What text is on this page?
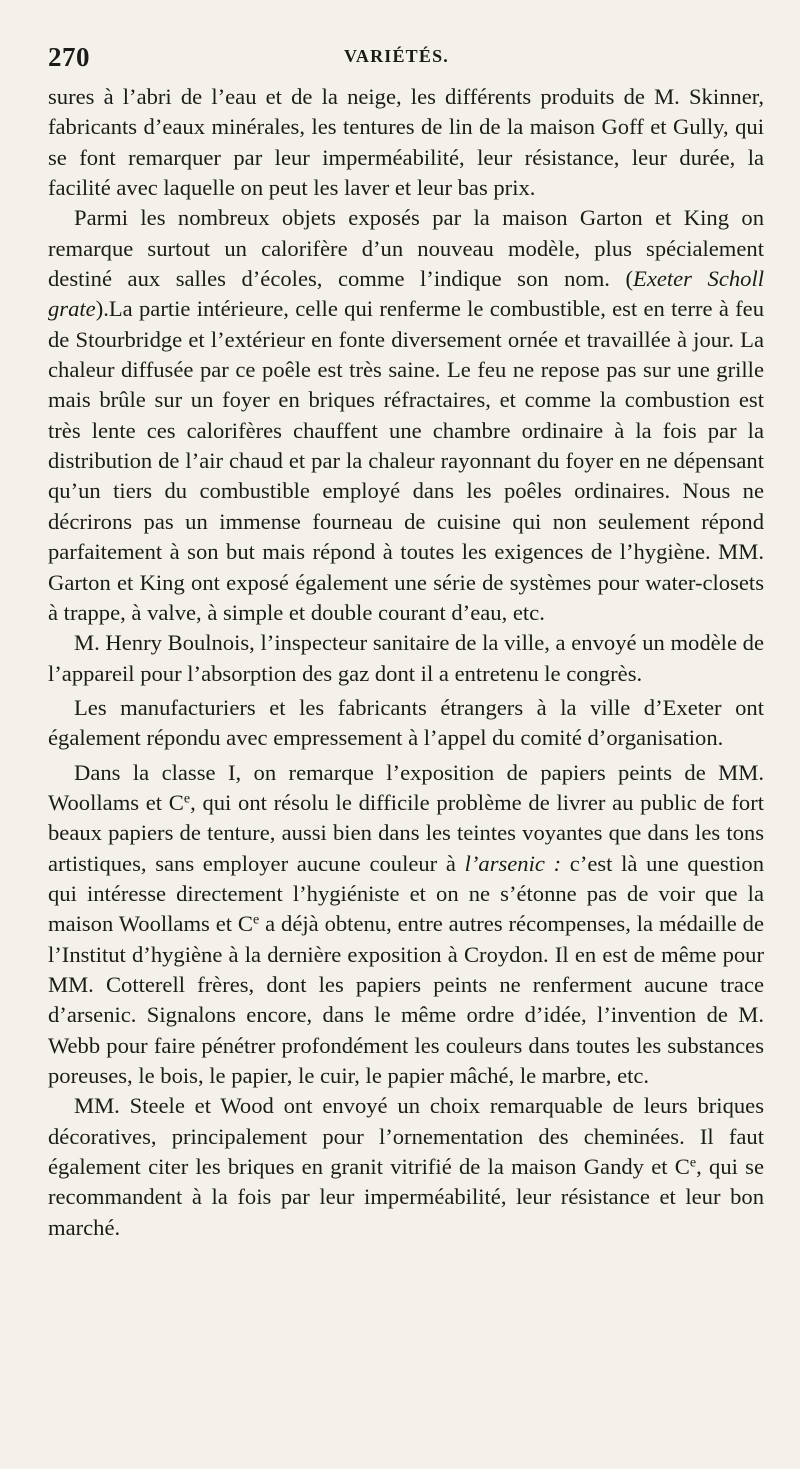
270	VARIÉTÉS.

sures à l’abri de l’eau et de la neige, les différents produits de M. Skinner, fabricants d’eaux minérales, les tentures de lin de la maison Goff et Gully, qui se font remarquer par leur imperméabilité, leur résistance, leur durée, la facilité avec laquelle on peut les laver et leur bas prix.

Parmi les nombreux objets exposés par la maison Garton et King on remarque surtout un calorifère d’un nouveau modèle, plus spécialement destiné aux salles d’écoles, comme l’indique son nom. (Exeter Scholl grate).La partie intérieure, celle qui renferme le combustible, est en terre à feu de Stourbridge et l’extérieur en fonte diversement ornée et travaillée à jour. La chaleur diffusée par ce poêle est très saine. Le feu ne repose pas sur une grille mais brûle sur un foyer en briques réfractaires, et comme la combustion est très lente ces calorifères chauffent une chambre ordinaire à la fois par la distribution de l’air chaud et par la chaleur rayonnant du foyer en ne dépensant qu’un tiers du combustible employé dans les poêles ordinaires. Nous ne décrirons pas un immense fourneau de cuisine qui non seulement répond parfaitement à son but mais répond à toutes les exigences de l’hygiène. MM. Garton et King ont exposé également une série de systèmes pour water-closets à trappe, à valve, à simple et double courant d’eau, etc.

M. Henry Boulnois, l’inspecteur sanitaire de la ville, a envoyé un modèle de l’appareil pour l’absorption des gaz dont il a entretenu le congrès.

Les manufacturiers et les fabricants étrangers à la ville d’Exeter ont également répondu avec empressement à l’appel du comité d’organisation.

Dans la classe I, on remarque l’exposition de papiers peints de MM. Woollams et Ce, qui ont résolu le difficile problème de livrer au public de fort beaux papiers de tenture, aussi bien dans les teintes voyantes que dans les tons artistiques, sans employer aucune couleur à l’arsenic : c’est là une question qui intéresse directement l’hygiéniste et on ne s’étonne pas de voir que la maison Woollams et Ce a déjà obtenu, entre autres récompenses, la médaille de l’Institut d’hygiène à la dernière exposition à Croydon. Il en est de même pour MM. Cotterell frères, dont les papiers peints ne renferment aucune trace d’arsenic. Signalons encore, dans le même ordre d’idée, l’invention de M. Webb pour faire pénétrer profondément les couleurs dans toutes les substances poreuses, le bois, le papier, le cuir, le papier mâché, le marbre, etc.

MM. Steele et Wood ont envoyé un choix remarquable de leurs briques décoratives, principalement pour l’ornementation des cheminées. Il faut également citer les briques en granit vitrifié de la maison Gandy et Ce, qui se recommandent à la fois par leur imperméabilité, leur résistance et leur bon marché.
